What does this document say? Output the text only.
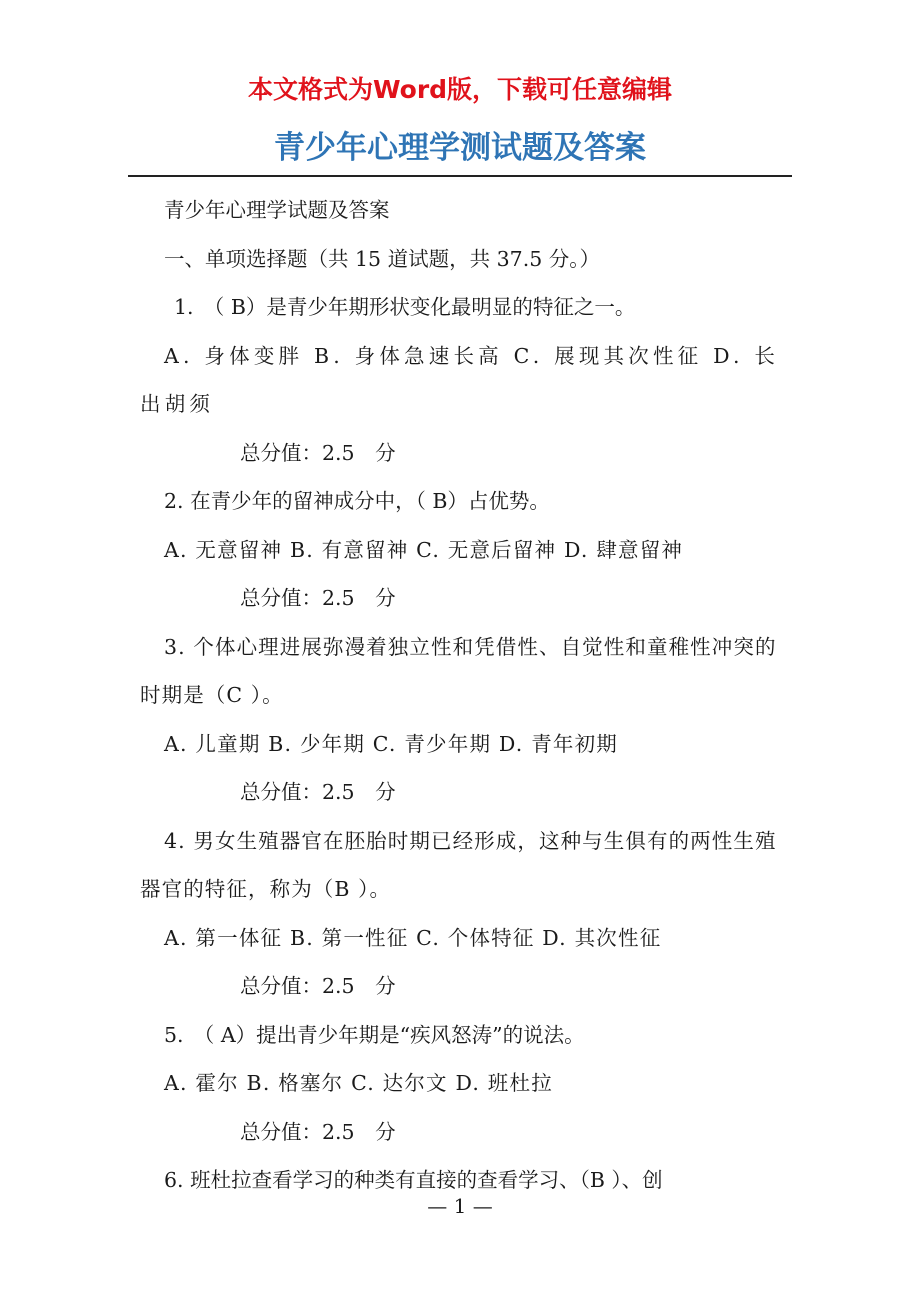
本文格式为Word版，下载可任意编辑
青少年心理学测试题及答案
青少年心理学试题及答案
一、单项选择题（共 15 道试题，共 37.5 分。）
1.　（ B）是青少年期形状变化最明显的特征之一。
A. 身体变胖 B. 身体急速长高 C. 展现其次性征 D. 长出胡须
总分值：2.5　分
2. 在青少年的留神成分中，（ B）占优势。
A. 无意留神 B. 有意留神 C. 无意后留神 D. 肆意留神
总分值：2.5　分
3. 个体心理进展弥漫着独立性和凭借性、自觉性和童稚性冲突的时期是（C ）。
A. 儿童期 B. 少年期 C. 青少年期 D. 青年初期
总分值：2.5　分
4. 男女生殖器官在胚胎时期已经形成，这种与生俱有的两性生殖器官的特征，称为（B ）。
A. 第一体征 B. 第一性征 C. 个体特征 D. 其次性征
总分值：2.5　分
5.　（ A）提出青少年期是“疾风怒涛”的说法。
A. 霍尔 B. 格塞尔 C. 达尔文 D. 班杜拉
总分值：2.5　分
6. 班杜拉查看学习的种类有直接的查看学习、（B ）、创
— 1 —
